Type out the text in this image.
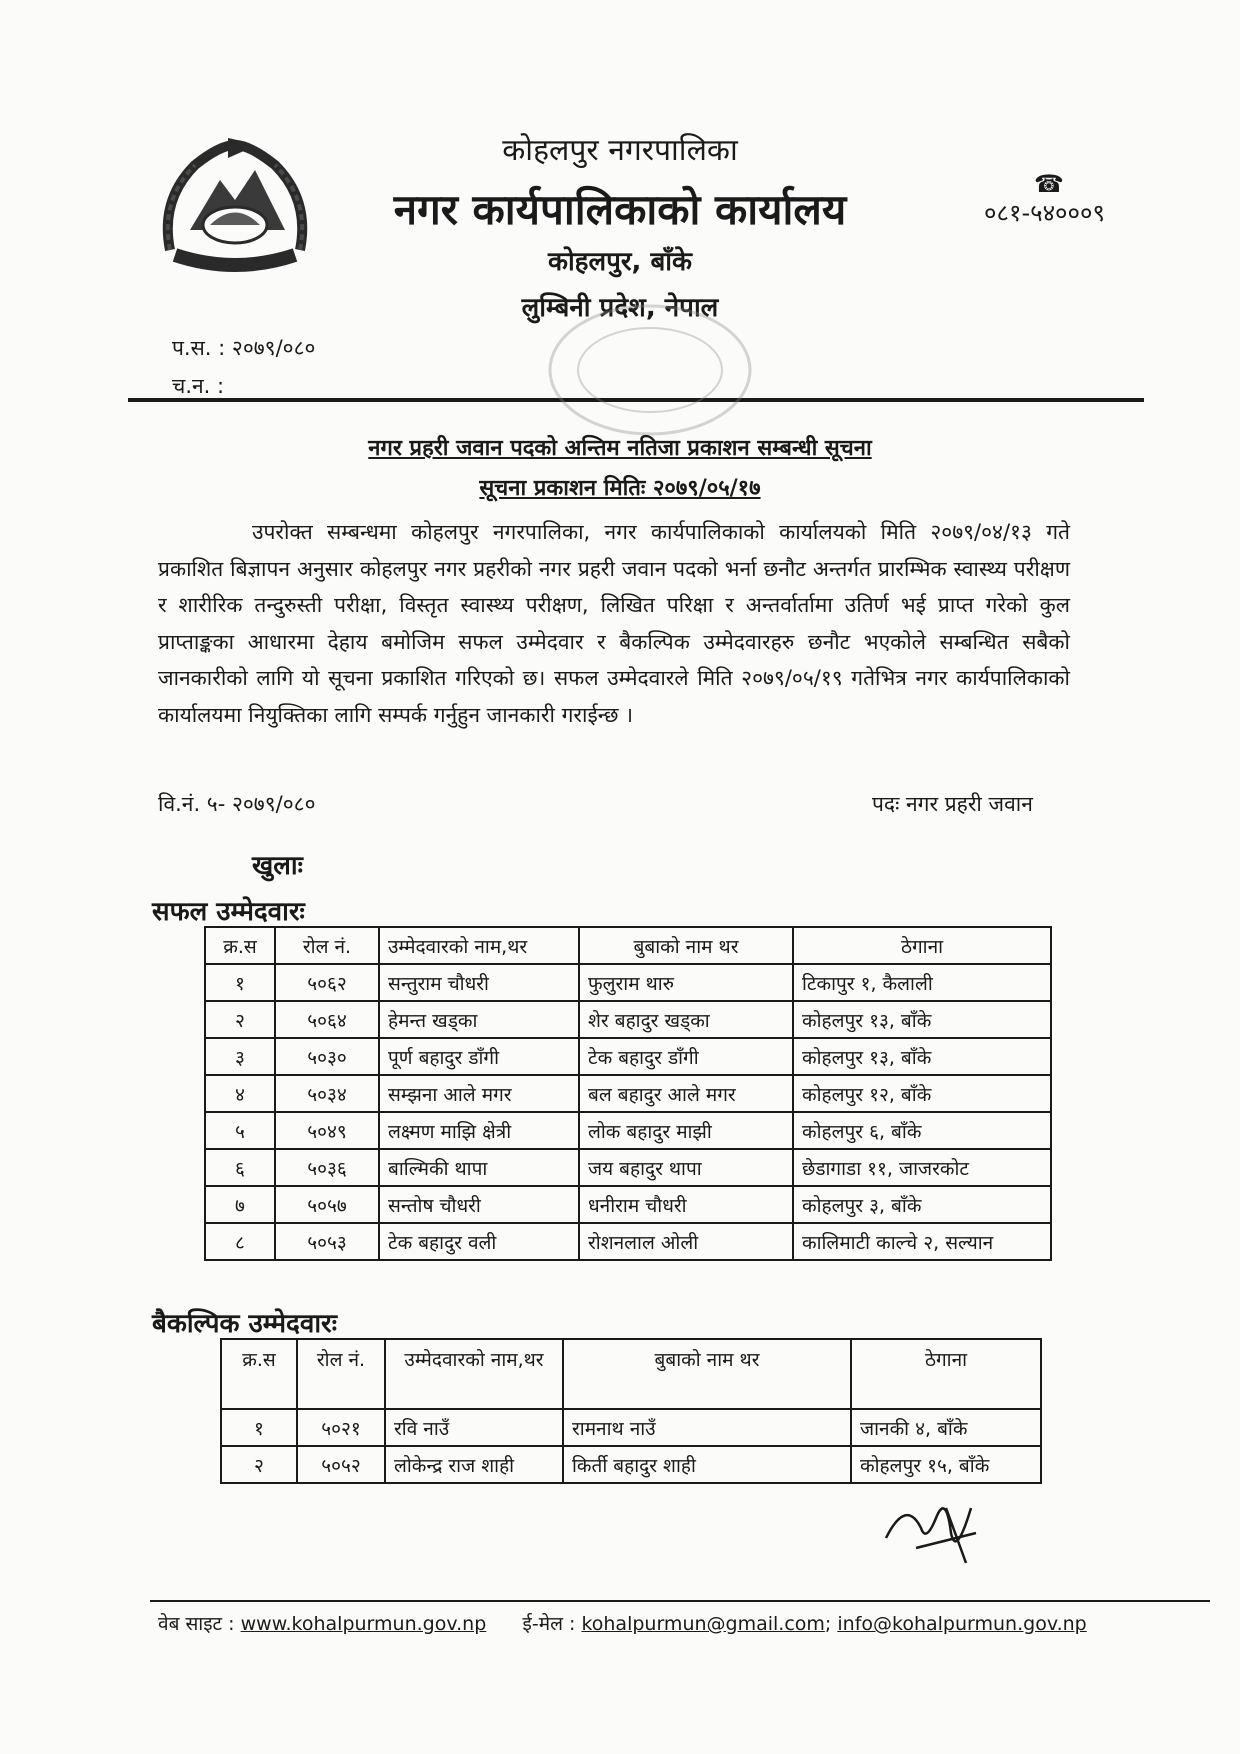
कोहलपुर नगरपालिका
नगर कार्यपालिकाको कार्यालय
कोहलपुर, बाँके
लुम्बिनी प्रदेश, नेपाल
☎
०८१-५४०००९
प.स. : २०७९/०८०
च.न. :
नगर प्रहरी जवान पदको अन्तिम नतिजा प्रकाशन सम्बन्धी सूचना
सूचना प्रकाशन मितिः २०७९/०५/१७
उपरोक्त सम्बन्धमा कोहलपुर नगरपालिका, नगर कार्यपालिकाको कार्यालयको मिति २०७९/०४/१३ गते प्रकाशित बिज्ञापन अनुसार कोहलपुर नगर प्रहरीको नगर प्रहरी जवान पदको भर्ना छनौट अन्तर्गत प्रारम्भिक स्वास्थ्य परीक्षण र शारीरिक तन्दुरुस्ती परीक्षा, विस्तृत स्वास्थ्य परीक्षण, लिखित परिक्षा र अन्तर्वार्तामा उतिर्ण भई प्राप्त गरेको कुल प्राप्ताङ्कका आधारमा देहाय बमोजिम सफल उम्मेदवार र बैकल्पिक उम्मेदवारहरु छनौट भएकोले सम्बन्धित सबैको जानकारीको लागि यो सूचना प्रकाशित गरिएको छ। सफल उम्मेदवारले मिति २०७९/०५/१९ गतेभित्र नगर कार्यपालिकाको कार्यालयमा नियुक्तिका लागि सम्पर्क गर्नुहुन जानकारी गराईन्छ ।
वि.नं. ५- २०७९/०८०	पदः नगर प्रहरी जवान
खुलाः
सफल उम्मेदवारः
क्र.स	रोल नं.	उम्मेदवारको नाम,थर	बुबाको नाम थर	ठेगाना
१	५०६२	सन्तुराम चौधरी	फुलुराम थारु	टिकापुर १, कैलाली
२	५०६४	हेमन्त खड्का	शेर बहादुर खड्का	कोहलपुर १३, बाँके
३	५०३०	पूर्ण बहादुर डाँगी	टेक बहादुर डाँगी	कोहलपुर १३, बाँके
४	५०३४	सम्झना आले मगर	बल बहादुर आले मगर	कोहलपुर १२, बाँके
५	५०४९	लक्ष्मण माझि क्षेत्री	लोक बहादुर माझी	कोहलपुर ६, बाँके
६	५०३६	बाल्मिकी थापा	जय बहादुर थापा	छेडागाडा ११, जाजरकोट
७	५०५७	सन्तोष चौधरी	धनीराम चौधरी	कोहलपुर ३, बाँके
८	५०५३	टेक बहादुर वली	रोशनलाल ओली	कालिमाटी काल्चे २, सल्यान
बैकल्पिक उम्मेदवारः
क्र.स	रोल नं.	उम्मेदवारको नाम,थर	बुबाको नाम थर	ठेगाना
१	५०२१	रवि नाउँ	रामनाथ नाउँ	जानकी ४, बाँके
२	५०५२	लोकेन्द्र राज शाही	किर्ती बहादुर शाही	कोहलपुर १५, बाँके
वेब साइट : www.kohalpurmun.gov.np ई-मेल : kohalpurmun@gmail.com; info@kohalpurmun.gov.np
